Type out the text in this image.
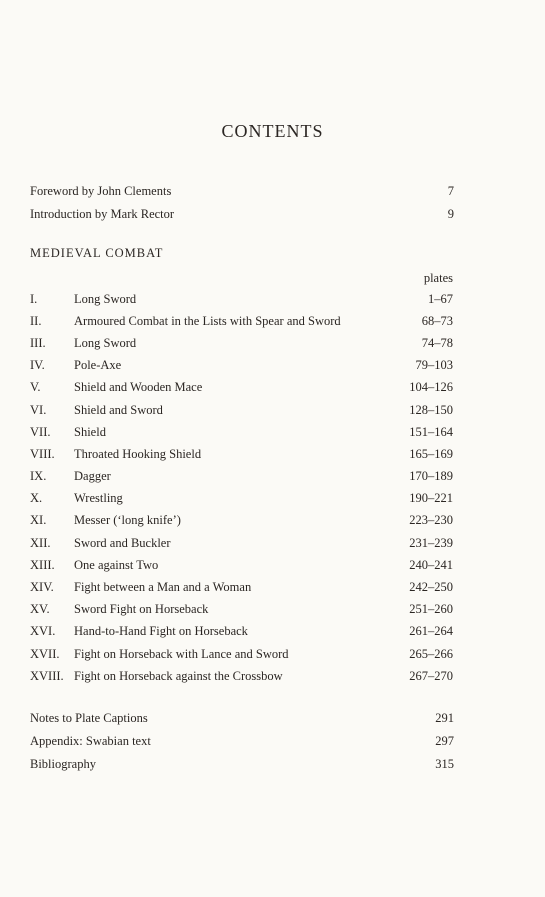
CONTENTS
Foreword by John Clements	7
Introduction by Mark Rector	9
MEDIEVAL COMBAT
plates
I.	Long Sword	1–67
II.	Armoured Combat in the Lists with Spear and Sword	68–73
III.	Long Sword	74–78
IV.	Pole-Axe	79–103
V.	Shield and Wooden Mace	104–126
VI.	Shield and Sword	128–150
VII.	Shield	151–164
VIII.	Throated Hooking Shield	165–169
IX.	Dagger	170–189
X.	Wrestling	190–221
XI.	Messer (‘long knife’)	223–230
XII.	Sword and Buckler	231–239
XIII.	One against Two	240–241
XIV.	Fight between a Man and a Woman	242–250
XV.	Sword Fight on Horseback	251–260
XVI.	Hand-to-Hand Fight on Horseback	261–264
XVII.	Fight on Horseback with Lance and Sword	265–266
XVIII. Fight on Horseback against the Crossbow	267–270
Notes to Plate Captions	291
Appendix: Swabian text	297
Bibliography	315
